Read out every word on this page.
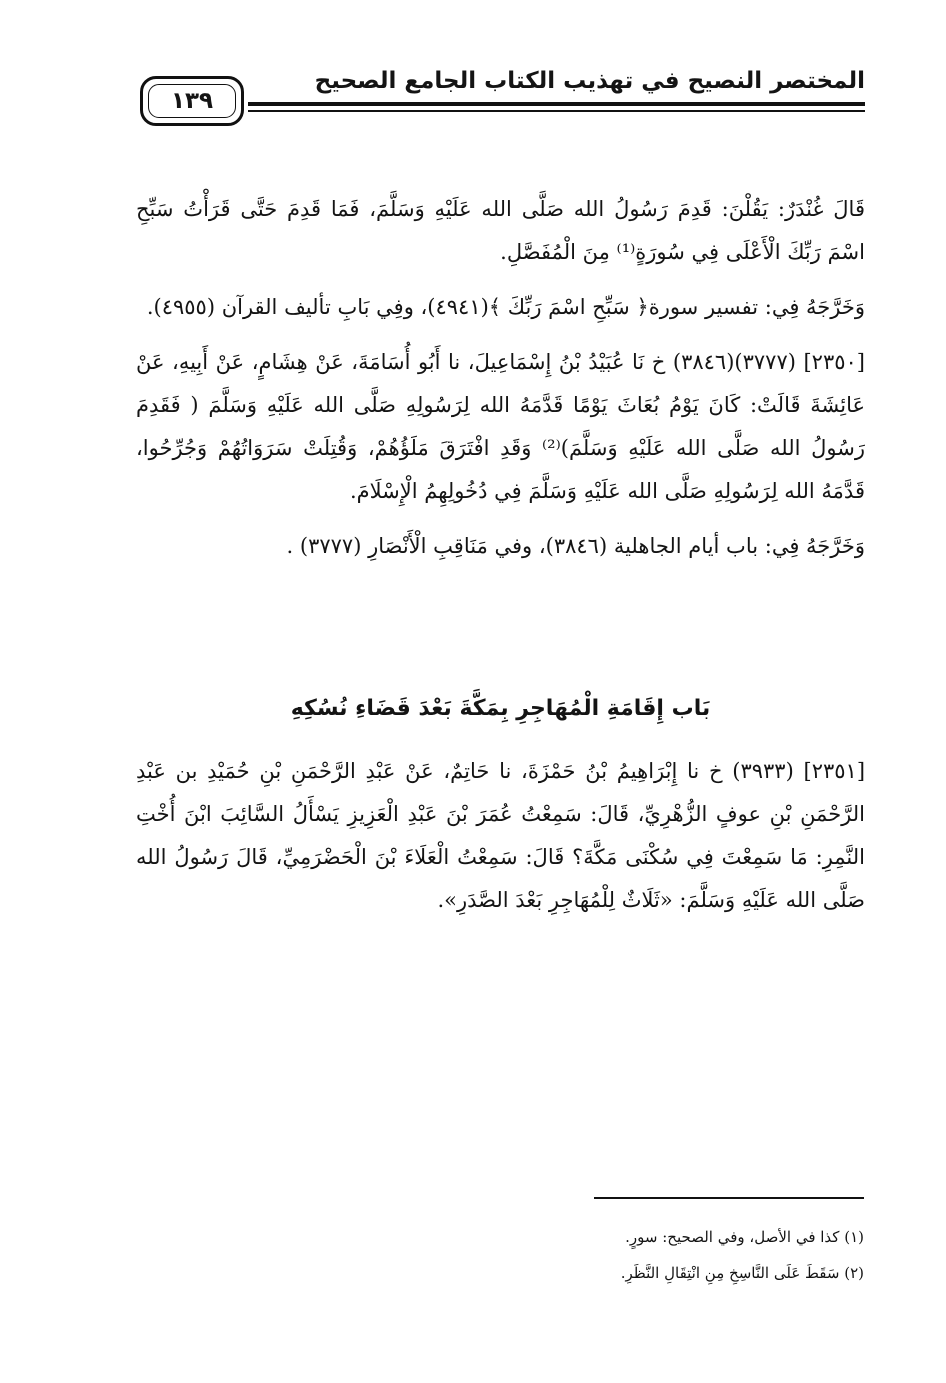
المختصر النصيح في تهذيب الكتاب الجامع الصحيح
١٣٩

قَالَ غُنْدَرٌ: يَقُلْنَ: قَدِمَ رَسُولُ الله صَلَّى الله عَلَيْهِ وَسَلَّمَ، فَمَا قَدِمَ حَتَّى قَرَأْتُ سَبِّحِ اسْمَ رَبِّكَ الْأَعْلَى فِي سُورَةٍ⁽¹⁾ مِنَ الْمُفَصَّلِ.

وَخَرَّجَهُ فِي: تفسير سورة﴿ سَبِّحِ اسْمَ رَبِّكَ ﴾(٤٩٤١)، وفِي بَابِ تأليف القرآن (٤٩٥٥).

[٢٣٥٠] (٣٧٧٧)(٣٨٤٦) خ نَا عُبَيْدُ بْنُ إِسْمَاعِيلَ، نا أَبُو أُسَامَةَ، عَنْ هِشَامٍ، عَنْ أَبِيهِ، عَنْ عَائِشَةَ قَالَتْ: كَانَ يَوْمُ بُعَاثَ يَوْمًا قَدَّمَهُ الله لِرَسُولِهِ صَلَّى الله عَلَيْهِ وَسَلَّمَ ( فَقَدِمَ رَسُولُ الله صَلَّى الله عَلَيْهِ وَسَلَّمَ)⁽²⁾ وَقَدِ افْتَرَقَ مَلَؤُهُمْ، وَقُتِلَتْ سَرَوَاتُهُمْ وَجُرِّحُوا، قَدَّمَهُ الله لِرَسُولِهِ صَلَّى الله عَلَيْهِ وَسَلَّمَ فِي دُخُولِهِمُ الْإِسْلَامَ.

وَخَرَّجَهُ فِي: باب أيام الجاهلية (٣٨٤٦)، وفي مَنَاقِبِ الْأَنْصَارِ (٣٧٧٧) .

بَاب إِقَامَةِ الْمُهَاجِرِ بِمَكَّةَ بَعْدَ قَضَاءِ نُسُكِهِ

[٢٣٥١] (٣٩٣٣) خ نا إِبْرَاهِيمُ بْنُ حَمْزَةَ، نا حَاتِمٌ، عَنْ عَبْدِ الرَّحْمَنِ بْنِ حُمَيْدِ بن عَبْدِ الرَّحْمَنِ بْنِ عوفٍ الزُّهْرِيِّ، قَالَ: سَمِعْتُ عُمَرَ بْنَ عَبْدِ الْعَزِيزِ يَسْأَلُ السَّائِبَ ابْنَ أُخْتِ النَّمِرِ: مَا سَمِعْتَ فِي سُكْنَى مَكَّةَ؟ قَالَ: سَمِعْتُ الْعَلَاءَ بْنَ الْحَضْرَمِيِّ، قَالَ رَسُولُ الله صَلَّى الله عَلَيْهِ وَسَلَّمَ: «ثَلَاثٌ لِلْمُهَاجِرِ بَعْدَ الصَّدَرِ».

(١) كذا في الأصل، وفي الصحيح: سورٍ.

(٢) سَقَطَ عَلَى النَّاسِخِ مِنِ انْتِقَالِ النَّظَرِ.
